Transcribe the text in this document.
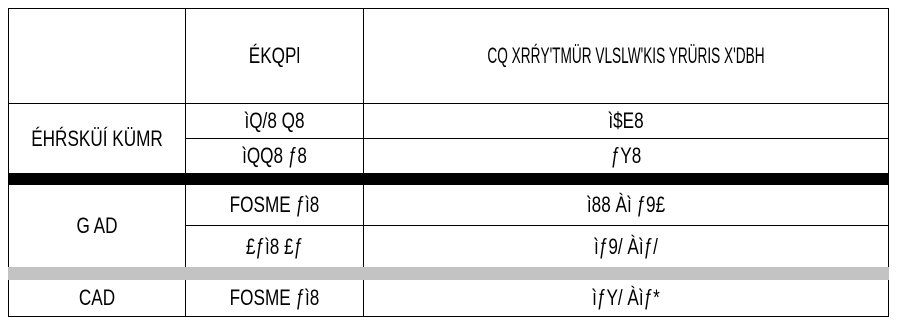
ÉKQPl	CQ XRŔY'TMÜR VLSLW'KIS YRÜRIS X'DBH
ÉHŔSKÜÍ KÜMR
ìQ/8 Q8	ì$E8
ìQQ8 ƒ8	ƒY8
G AD
FOSME ƒì8	ì88 Àì ƒ9£
£ƒì8 £ƒ	ìƒ9/ Àìƒ/
CAD	FOSME ƒì8	ìƒY/ Àìƒ*
